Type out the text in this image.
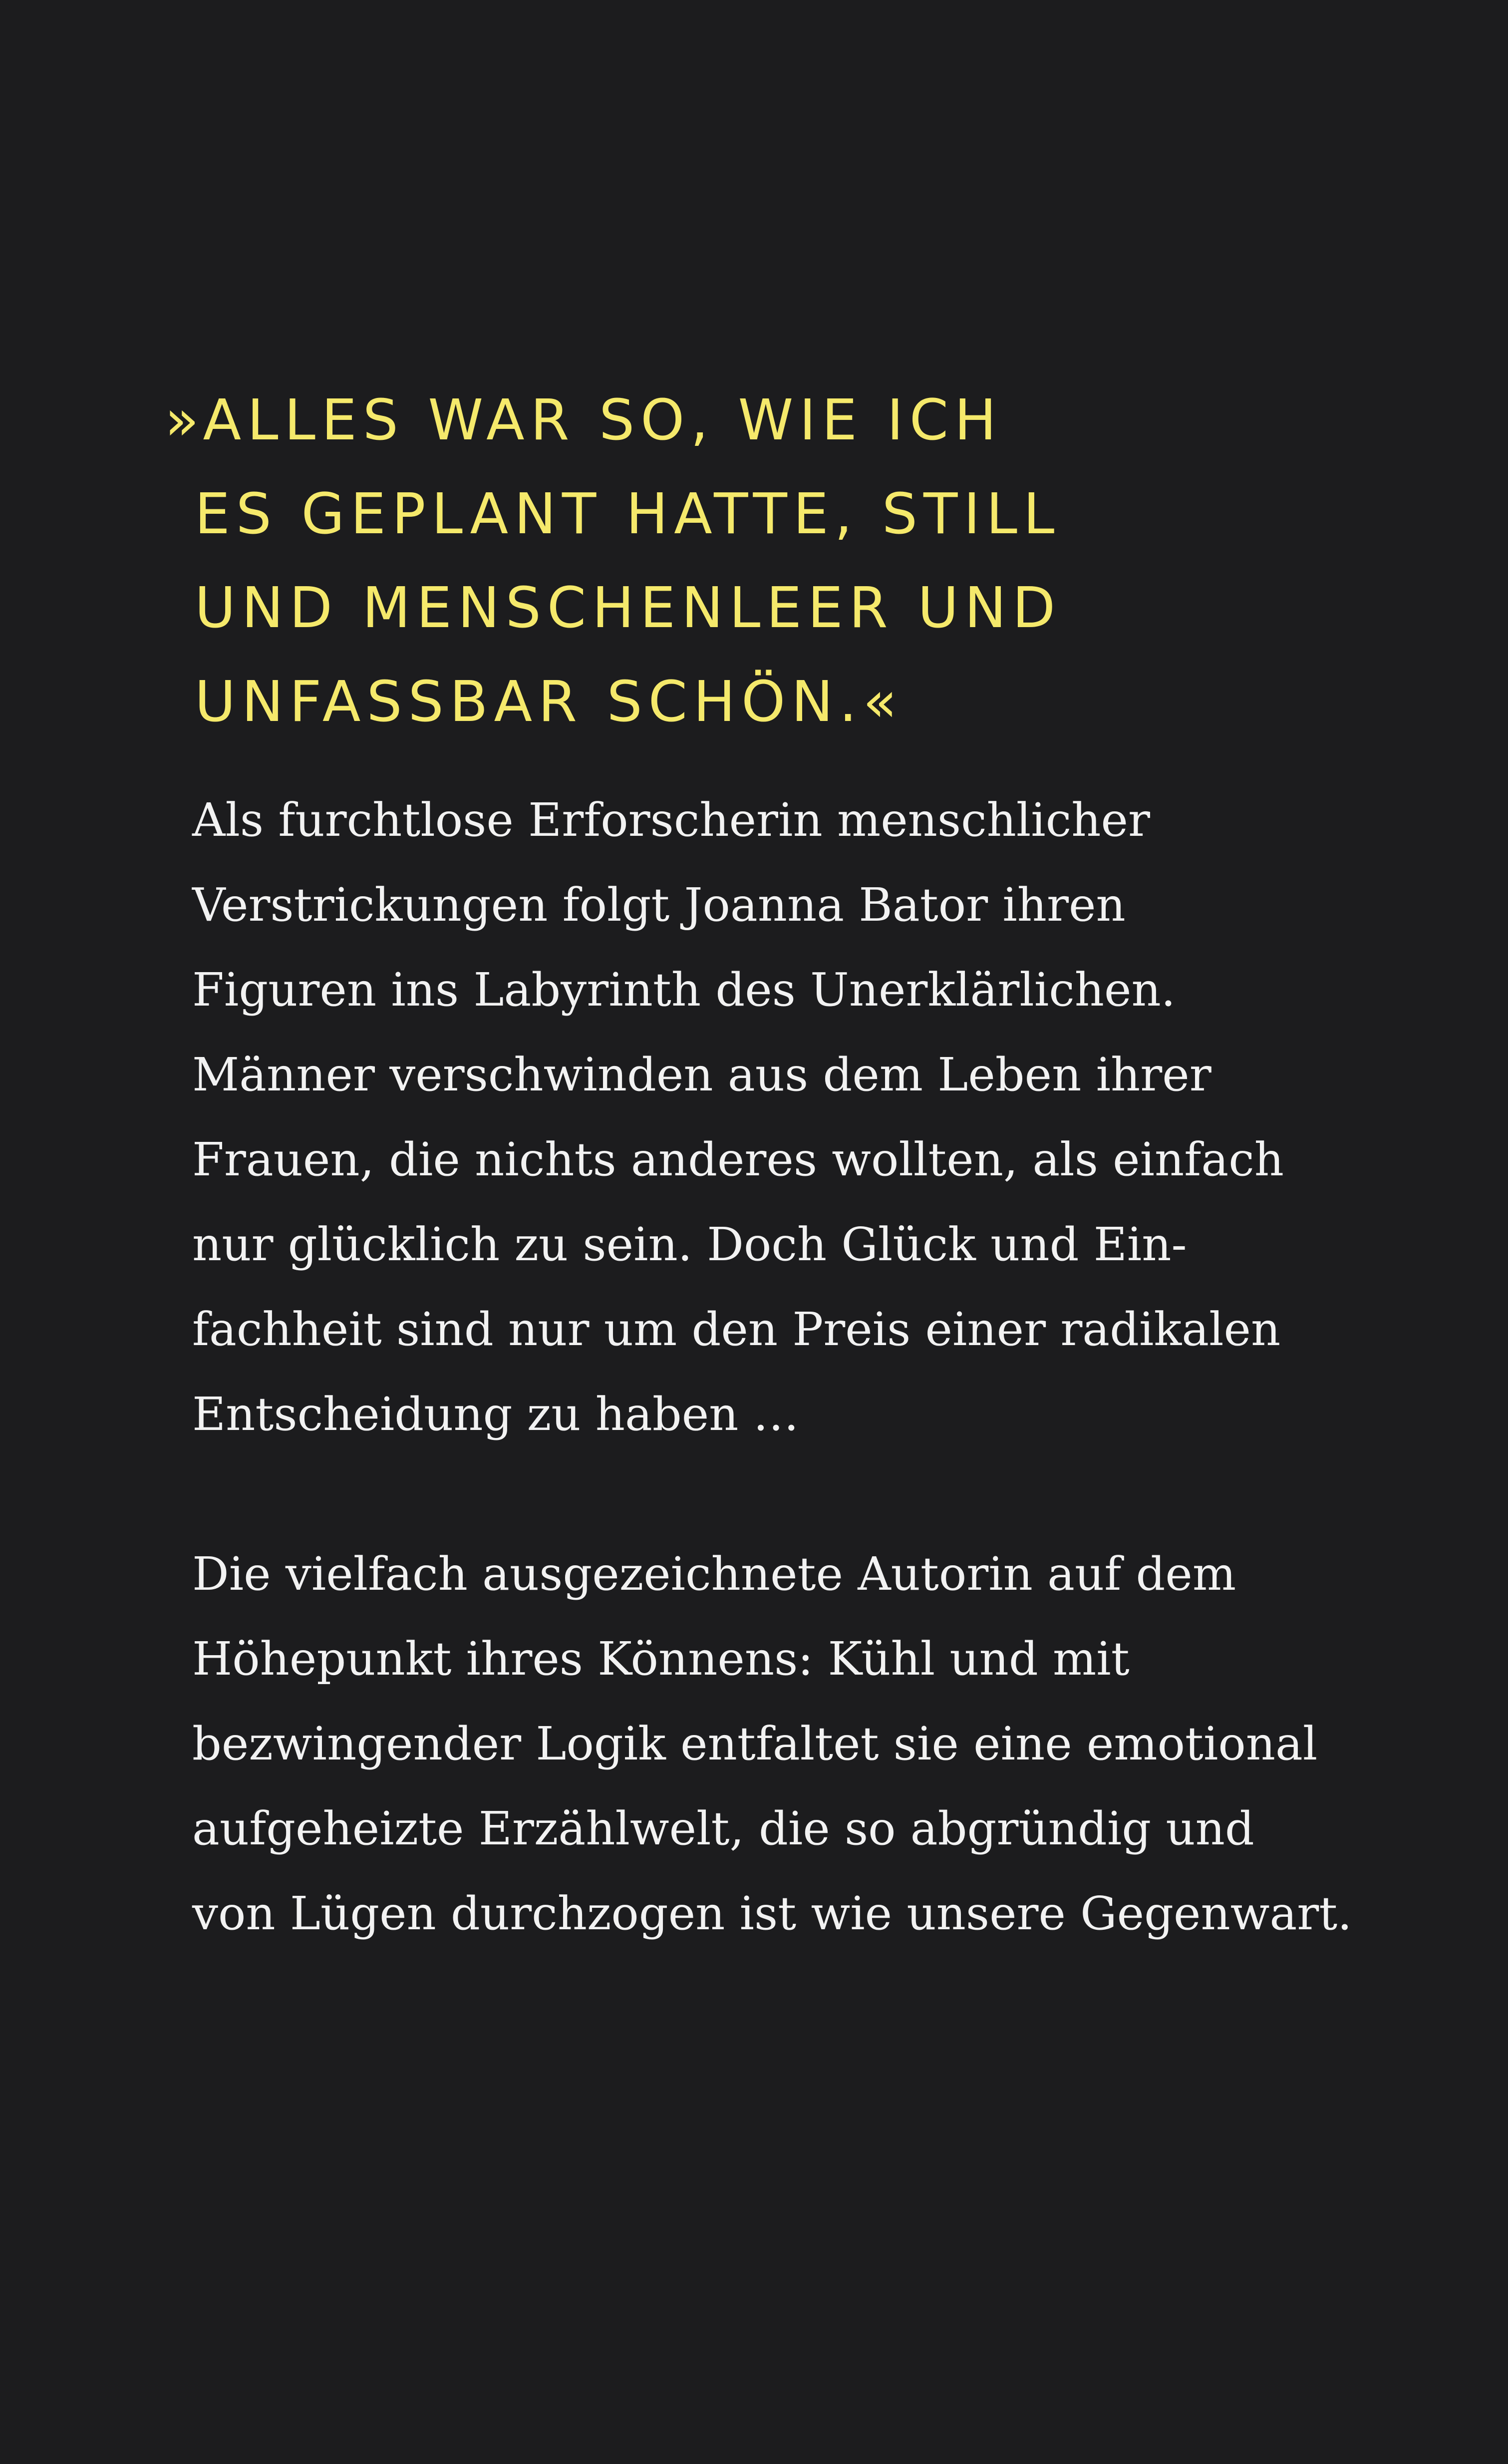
»ALLES WAR SO, WIE ICH
ES GEPLANT HATTE, STILL
UND MENSCHENLEER UND
UNFASSBAR SCHÖN.«

Als furchtlose Erforscherin menschlicher
Verstrickungen folgt Joanna Bator ihren
Figuren ins Labyrinth des Unerklärlichen.
Männer verschwinden aus dem Leben ihrer
Frauen, die nichts anderes wollten, als einfach
nur glücklich zu sein. Doch Glück und Ein-
fachheit sind nur um den Preis einer radikalen
Entscheidung zu haben …

Die vielfach ausgezeichnete Autorin auf dem
Höhepunkt ihres Könnens: Kühl und mit
bezwingender Logik entfaltet sie eine emotional
aufgeheizte Erzählwelt, die so abgründig und
von Lügen durchzogen ist wie unsere Gegenwart.
